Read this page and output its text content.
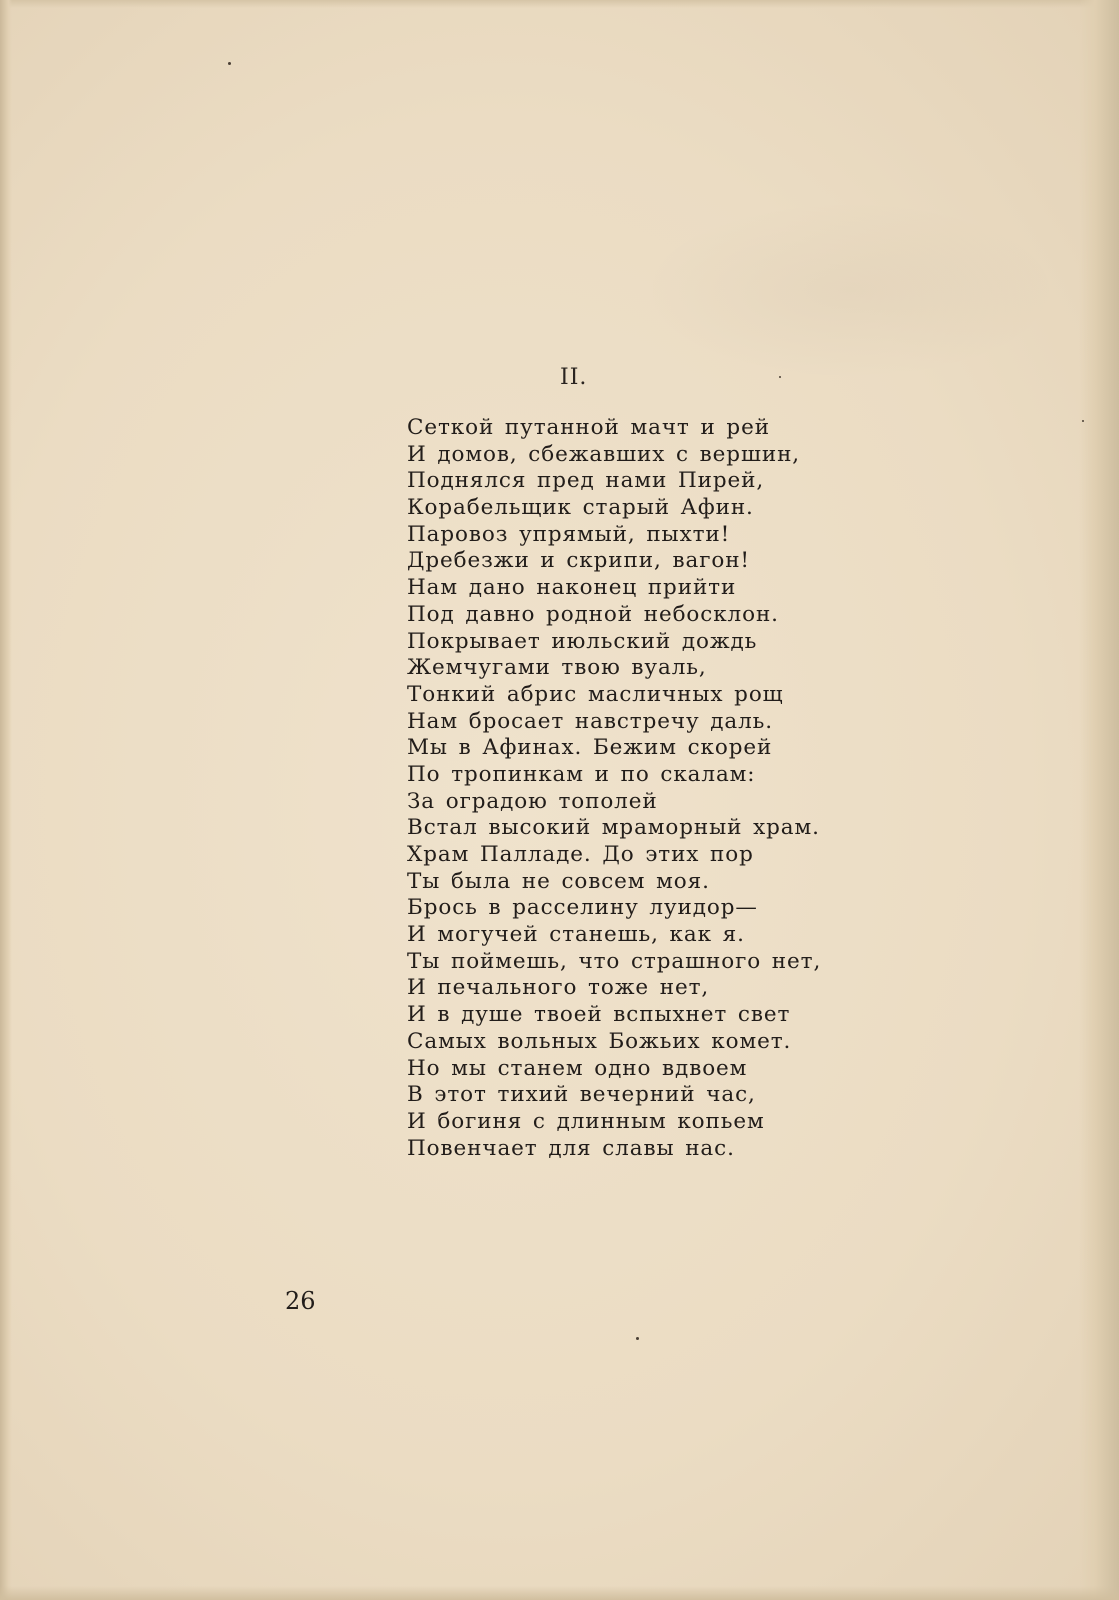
II.
Сеткой путанной мачт и рей
И домов, сбежавших с вершин,
Поднялся пред нами Пирей,
Корабельщик старый Афин.
Паровоз упрямый, пыхти!
Дребезжи и скрипи, вагон!
Нам дано наконец прийти
Под давно родной небосклон.
Покрывает июльский дождь
Жемчугами твою вуаль,
Тонкий абрис масличных рощ
Нам бросает навстречу даль.
Мы в Афинах. Бежим скорей
По тропинкам и по скалам:
За оградою тополей
Встал высокий мраморный храм.
Храм Палладе. До этих пор
Ты была не совсем моя.
Брось в расселину луидор—
И могучей станешь, как я.
Ты поймешь, что страшного нет,
И печального тоже нет,
И в душе твоей вспыхнет свет
Самых вольных Божьих комет.
Но мы станем одно вдвоем
В этот тихий вечерний час,
И богиня с длинным копьем
Повенчает для славы нас.
26
